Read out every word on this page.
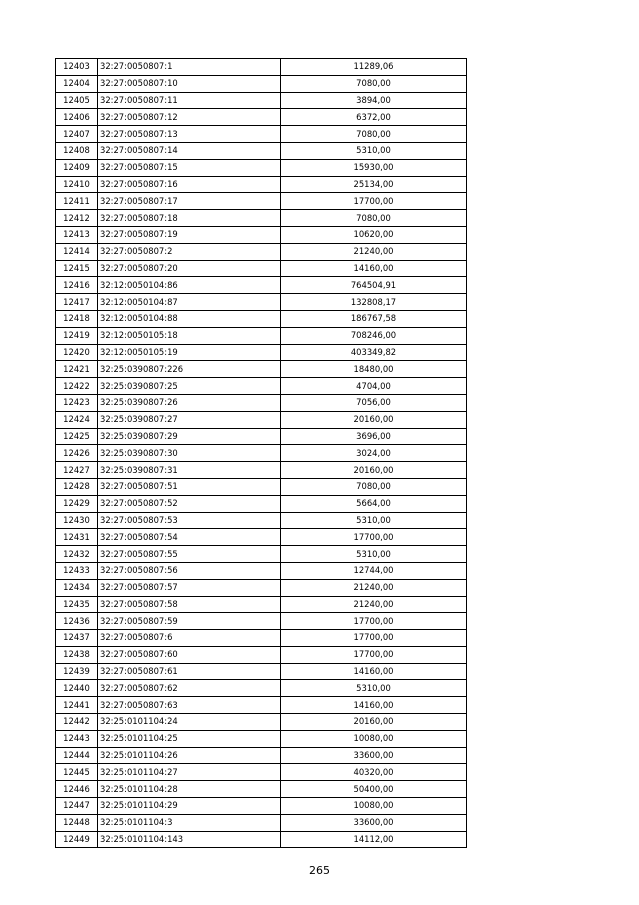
12403	32:27:0050807:1	11289,06
12404	32:27:0050807:10	7080,00
12405	32:27:0050807:11	3894,00
12406	32:27:0050807:12	6372,00
12407	32:27:0050807:13	7080,00
12408	32:27:0050807:14	5310,00
12409	32:27:0050807:15	15930,00
12410	32:27:0050807:16	25134,00
12411	32:27:0050807:17	17700,00
12412	32:27:0050807:18	7080,00
12413	32:27:0050807:19	10620,00
12414	32:27:0050807:2	21240,00
12415	32:27:0050807:20	14160,00
12416	32:12:0050104:86	764504,91
12417	32:12:0050104:87	132808,17
12418	32:12:0050104:88	186767,58
12419	32:12:0050105:18	708246,00
12420	32:12:0050105:19	403349,82
12421	32:25:0390807:226	18480,00
12422	32:25:0390807:25	4704,00
12423	32:25:0390807:26	7056,00
12424	32:25:0390807:27	20160,00
12425	32:25:0390807:29	3696,00
12426	32:25:0390807:30	3024,00
12427	32:25:0390807:31	20160,00
12428	32:27:0050807:51	7080,00
12429	32:27:0050807:52	5664,00
12430	32:27:0050807:53	5310,00
12431	32:27:0050807:54	17700,00
12432	32:27:0050807:55	5310,00
12433	32:27:0050807:56	12744,00
12434	32:27:0050807:57	21240,00
12435	32:27:0050807:58	21240,00
12436	32:27:0050807:59	17700,00
12437	32:27:0050807:6	17700,00
12438	32:27:0050807:60	17700,00
12439	32:27:0050807:61	14160,00
12440	32:27:0050807:62	5310,00
12441	32:27:0050807:63	14160,00
12442	32:25:0101104:24	20160,00
12443	32:25:0101104:25	10080,00
12444	32:25:0101104:26	33600,00
12445	32:25:0101104:27	40320,00
12446	32:25:0101104:28	50400,00
12447	32:25:0101104:29	10080,00
12448	32:25:0101104:3	33600,00
12449	32:25:0101104:143	14112,00
265
